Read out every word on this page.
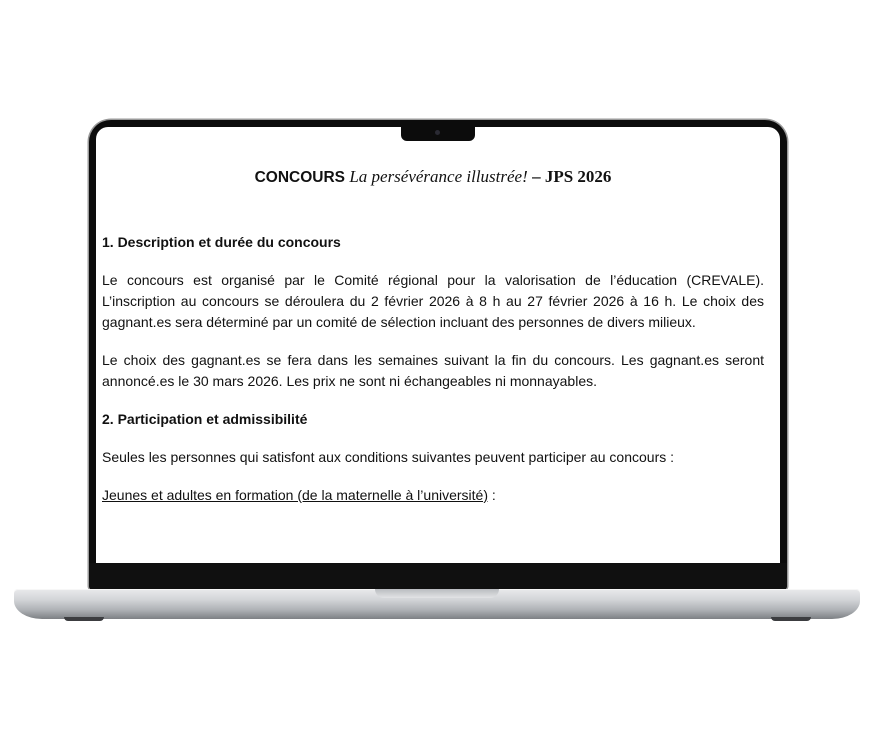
CONCOURS La persévérance illustrée! – JPS 2026

1. Description et durée du concours

Le concours est organisé par le Comité régional pour la valorisation de l’éducation (CREVALE). L’inscription au concours se déroulera du 2 février 2026 à 8 h au 27 février 2026 à 16 h. Le choix des gagnant.es sera déterminé par un comité de sélection incluant des personnes de divers milieux.

Le choix des gagnant.es se fera dans les semaines suivant la fin du concours. Les gagnant.es seront annoncé.es le 30 mars 2026. Les prix ne sont ni échangeables ni monnayables.

2. Participation et admissibilité

Seules les personnes qui satisfont aux conditions suivantes peuvent participer au concours :

Jeunes et adultes en formation (de la maternelle à l’université) :
